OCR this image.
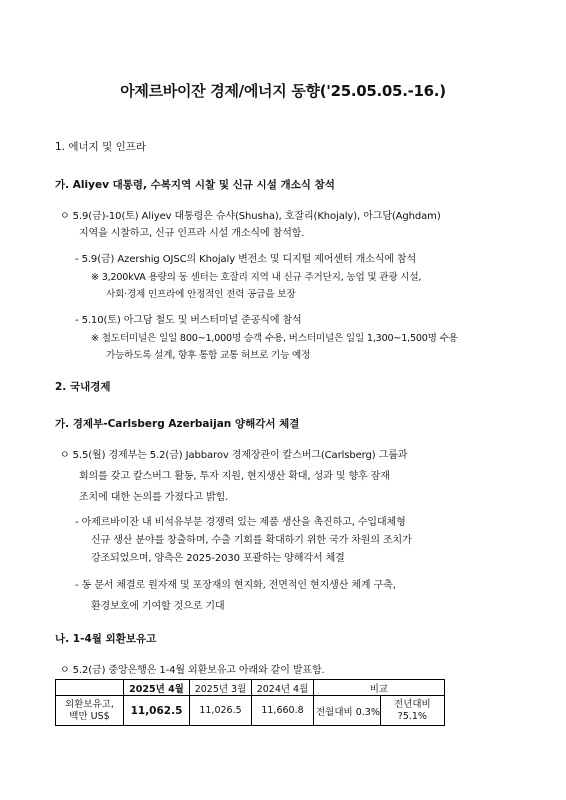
아제르바이잔 경제/에너지 동향('25.05.05.-16.)
1. 에너지 및 인프라
가. Aliyev 대통령, 수복지역 시찰 및 신규 시설 개소식 참석
ㅇ 5.9(금)-10(토) Aliyev 대통령은 슈샤(Shusha), 호잘리(Khojaly), 아그담(Aghdam)
지역을 시찰하고, 신규 인프라 시설 개소식에 참석함.
- 5.9(금) Azershig OJSC의 Khojaly 변전소 및 디지털 제어센터 개소식에 참석
※ 3,200kVA 용량의 동 센터는 호잘리 지역 내 신규 주거단지, 농업 및 관광 시설,
사회·경제 인프라에 안정적인 전력 공급을 보장
- 5.10(토) 아그담 철도 및 버스터미널 준공식에 참석
※ 철도터미널은 일일 800~1,000명 승객 수용, 버스터미널은 일일 1,300~1,500명 수용
가능하도록 설계, 향후 통합 교통 허브로 기능 예정
2. 국내경제
가. 경제부-Carlsberg Azerbaijan 양해각서 체결
ㅇ 5.5(월) 경제부는 5.2(금) Jabbarov 경제장관이 칼스버그(Carlsberg) 그룹과
회의를 갖고 칼스버그 활동, 투자 지원, 현지생산 확대, 성과 및 향후 잠재
조치에 대한 논의를 가졌다고 밝힘.
- 아제르바이잔 내 비석유부문 경쟁력 있는 제품 생산을 촉진하고, 수입대체형
신규 생산 분야를 창출하며, 수출 기회를 확대하기 위한 국가 차원의 조치가
강조되었으며, 양측은 2025-2030 포괄하는 양해각서 체결
- 동 문서 체결로 원자재 및 포장재의 현지화, 전면적인 현지생산 체계 구축,
환경보호에 기여할 것으로 기대
나. 1-4월 외환보유고
ㅇ 5.2(금) 중앙은행은 1-4월 외환보유고 아래와 같이 발표함.
	2025년 4월	2025년 3월	2024년 4월	비교	
외환보유고,
백만 US$	11,062.5	11,026.5	11,660.8	전월대비 0.3%	전년대비
?5.1%
